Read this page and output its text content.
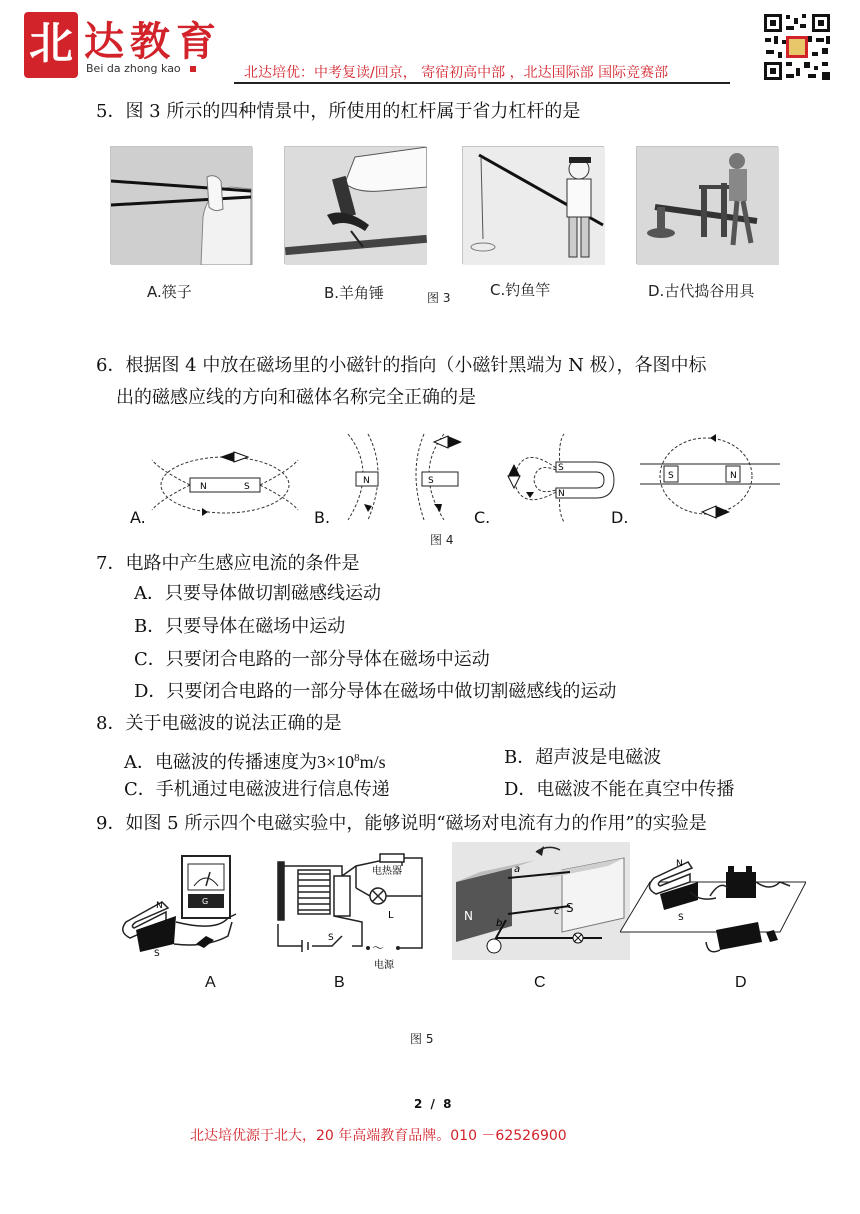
北 达教育
Bei da zhong kao	北达培优：中考复读/回京， 寄宿初高中部 ，北达国际部 国际竞赛部
5．图 3 所示的四种情景中，所使用的杠杆属于省力杠杆的是
A.筷子	B.羊角锤	图 3	C.钓鱼竿	D.古代捣谷用具
6．根据图 4 中放在磁场里的小磁针的指向（小磁针黑端为 N 极），各图中标
出的磁感应线的方向和磁体名称完全正确的是
N	S
A.
N	S
B.
S
N
C.
S	N
D.
图 4
7．电路中产生感应电流的条件是
A．只要导体做切割磁感线运动
B．只要导体在磁场中运动
C．只要闭合电路的一部分导体在磁场中运动
D．只要闭合电路的一部分导体在磁场中做切割磁感线的运动
8．关于电磁波的说法正确的是
A．电磁波的传播速度为$3\times 10^8m/s$	B．超声波是电磁波
C．手机通过电磁波进行信息传递	D．电磁波不能在真空中传播
9．如图 5 所示四个电磁实验中，能够说明“磁场对电流有力的作用”的实验是
G
N
S
电热器
L
S
～
电源
N
S
a
b
c
N
S
A	B	C	D
图 5
2 / 8
北达培优源于北大，20 年高端教育品牌。010 －62526900
